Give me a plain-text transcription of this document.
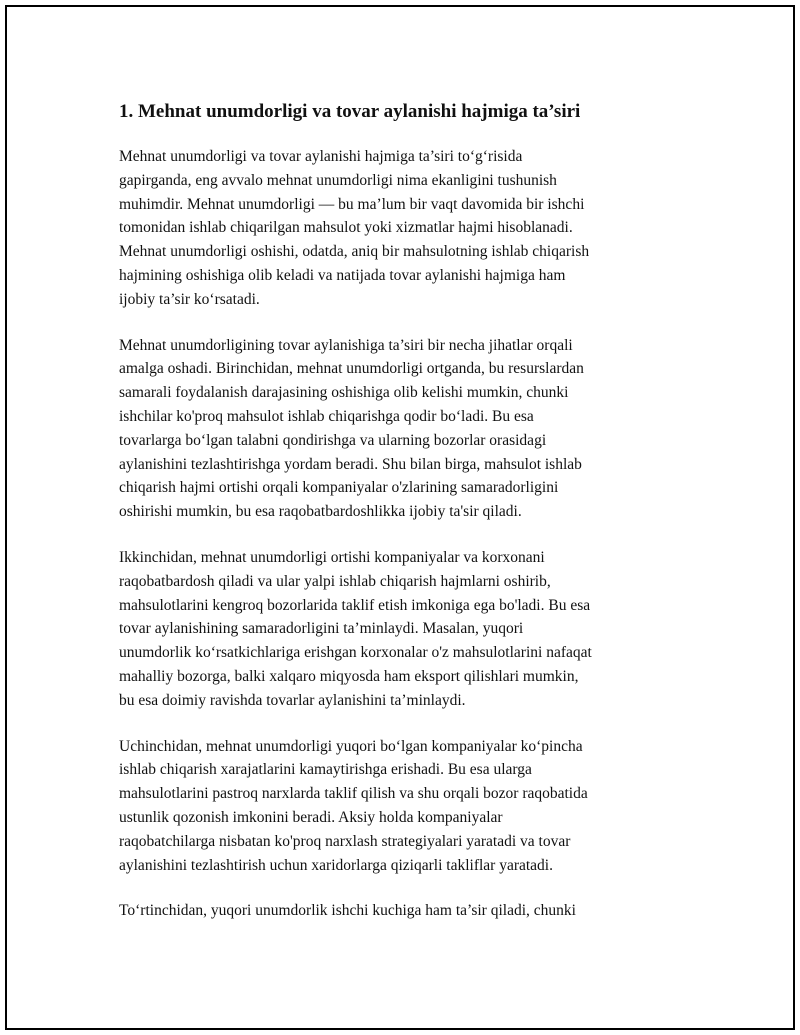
1. Mehnat unumdorligi va tovar aylanishi hajmiga ta’siri

Mehnat unumdorligi va tovar aylanishi hajmiga ta’siri to‘g‘risida
gapirganda, eng avvalo mehnat unumdorligi nima ekanligini tushunish
muhimdir. Mehnat unumdorligi — bu ma’lum bir vaqt davomida bir ishchi
tomonidan ishlab chiqarilgan mahsulot yoki xizmatlar hajmi hisoblanadi.
Mehnat unumdorligi oshishi, odatda, aniq bir mahsulotning ishlab chiqarish
hajmining oshishiga olib keladi va natijada tovar aylanishi hajmiga ham
ijobiy ta’sir ko‘rsatadi.

Mehnat unumdorligining tovar aylanishiga ta’siri bir necha jihatlar orqali
amalga oshadi. Birinchidan, mehnat unumdorligi ortganda, bu resurslardan
samarali foydalanish darajasining oshishiga olib kelishi mumkin, chunki
ishchilar ko'proq mahsulot ishlab chiqarishga qodir bo‘ladi. Bu esa
tovarlarga bo‘lgan talabni qondirishga va ularning bozorlar orasidagi
aylanishini tezlashtirishga yordam beradi. Shu bilan birga, mahsulot ishlab
chiqarish hajmi ortishi orqali kompaniyalar o'zlarining samaradorligini
oshirishi mumkin, bu esa raqobatbardoshlikka ijobiy ta'sir qiladi.

Ikkinchidan, mehnat unumdorligi ortishi kompaniyalar va korxonani
raqobatbardosh qiladi va ular yalpi ishlab chiqarish hajmlarni oshirib,
mahsulotlarini kengroq bozorlarida taklif etish imkoniga ega bo'ladi. Bu esa
tovar aylanishining samaradorligini ta’minlaydi. Masalan, yuqori
unumdorlik ko‘rsatkichlariga erishgan korxonalar o'z mahsulotlarini nafaqat
mahalliy bozorga, balki xalqaro miqyosda ham eksport qilishlari mumkin,
bu esa doimiy ravishda tovarlar aylanishini ta’minlaydi.

Uchinchidan, mehnat unumdorligi yuqori bo‘lgan kompaniyalar ko‘pincha
ishlab chiqarish xarajatlarini kamaytirishga erishadi. Bu esa ularga
mahsulotlarini pastroq narxlarda taklif qilish va shu orqali bozor raqobatida
ustunlik qozonish imkonini beradi. Aksiy holda kompaniyalar
raqobatchilarga nisbatan ko'proq narxlash strategiyalari yaratadi va tovar
aylanishini tezlashtirish uchun xaridorlarga qiziqarli takliflar yaratadi.

To‘rtinchidan, yuqori unumdorlik ishchi kuchiga ham ta’sir qiladi, chunki
